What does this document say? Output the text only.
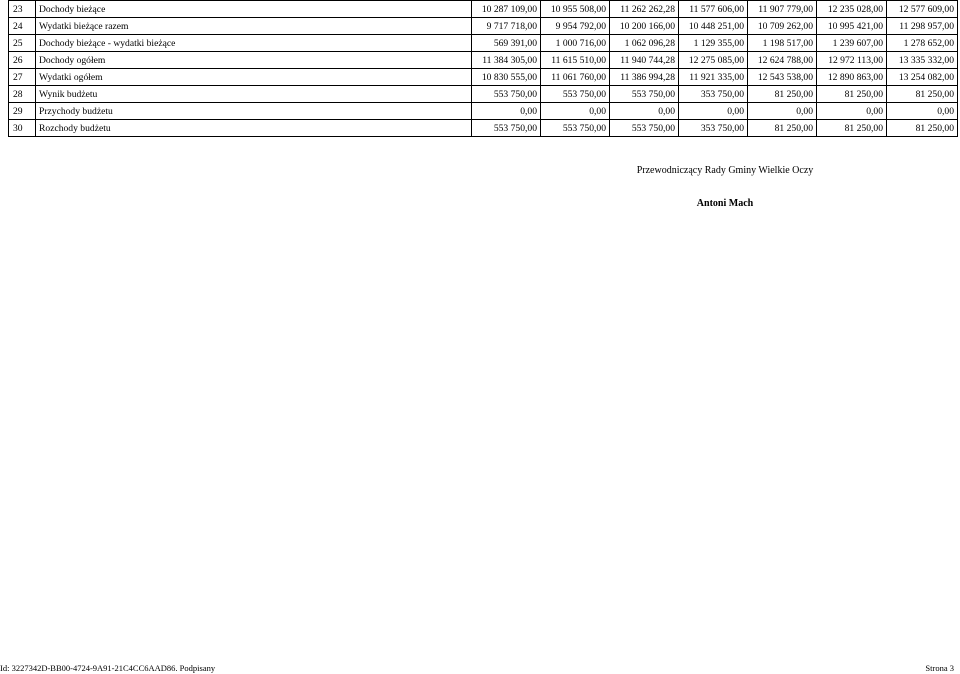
23	Dochody bieżące	10 287 109,00	10 955 508,00	11 262 262,28	11 577 606,00	11 907 779,00	12 235 028,00	12 577 609,00
24	Wydatki bieżące razem	9 717 718,00	9 954 792,00	10 200 166,00	10 448 251,00	10 709 262,00	10 995 421,00	11 298 957,00
25	Dochody bieżące - wydatki bieżące	569 391,00	1 000 716,00	1 062 096,28	1 129 355,00	1 198 517,00	1 239 607,00	1 278 652,00
26	Dochody ogółem	11 384 305,00	11 615 510,00	11 940 744,28	12 275 085,00	12 624 788,00	12 972 113,00	13 335 332,00
27	Wydatki ogółem	10 830 555,00	11 061 760,00	11 386 994,28	11 921 335,00	12 543 538,00	12 890 863,00	13 254 082,00
28	Wynik budżetu	553 750,00	553 750,00	553 750,00	353 750,00	81 250,00	81 250,00	81 250,00
29	Przychody budżetu	0,00	0,00	0,00	0,00	0,00	0,00	0,00
30	Rozchody budżetu	553 750,00	553 750,00	553 750,00	353 750,00	81 250,00	81 250,00	81 250,00
Przewodniczący Rady Gminy Wielkie Oczy
Antoni Mach
Id: 3227342D-BB00-4724-9A91-21C4CC6AAD86. Podpisany	Strona 3
